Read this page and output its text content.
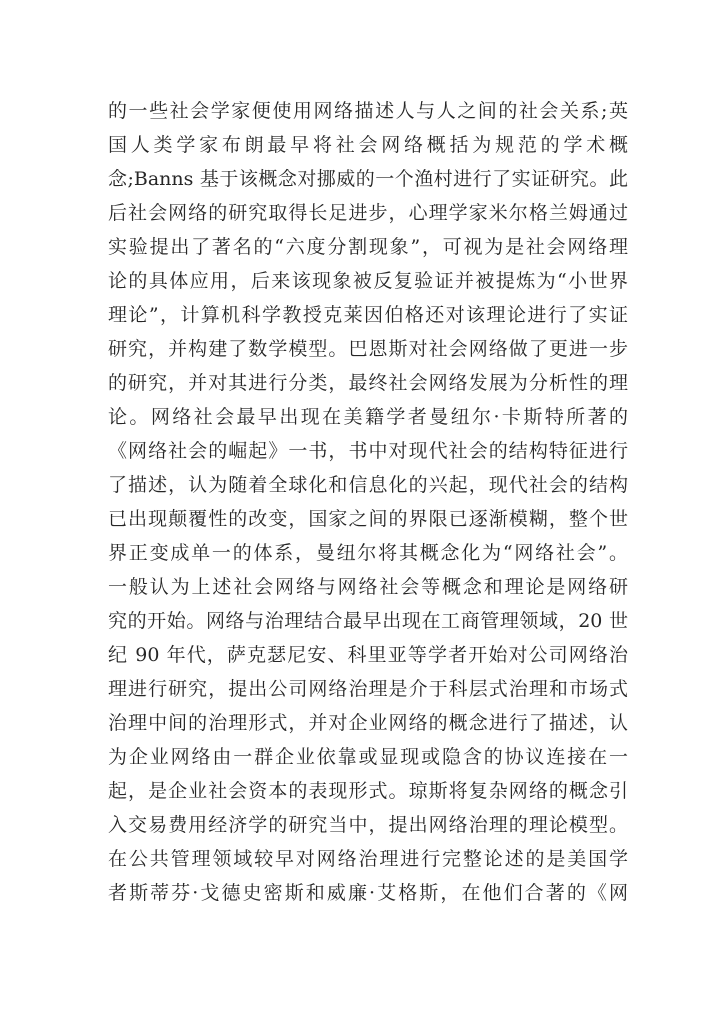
的一些社会学家便使用网络描述人与人之间的社会关系;英
国人类学家布朗最早将社会网络概括为规范的学术概
念;Banns 基于该概念对挪威的一个渔村进行了实证研究。此
后社会网络的研究取得长足进步，心理学家米尔格兰姆通过
实验提出了著名的“六度分割现象”，可视为是社会网络理
论的具体应用，后来该现象被反复验证并被提炼为“小世界
理论”，计算机科学教授克莱因伯格还对该理论进行了实证
研究，并构建了数学模型。巴恩斯对社会网络做了更进一步
的研究，并对其进行分类，最终社会网络发展为分析性的理
论。网络社会最早出现在美籍学者曼纽尔·卡斯特所著的
《网络社会的崛起》一书，书中对现代社会的结构特征进行
了描述，认为随着全球化和信息化的兴起，现代社会的结构
已出现颠覆性的改变，国家之间的界限已逐渐模糊，整个世
界正变成单一的体系，曼纽尔将其概念化为“网络社会”。
一般认为上述社会网络与网络社会等概念和理论是网络研
究的开始。网络与治理结合最早出现在工商管理领域，20 世
纪 90 年代，萨克瑟尼安、科里亚等学者开始对公司网络治
理进行研究，提出公司网络治理是介于科层式治理和市场式
治理中间的治理形式，并对企业网络的概念进行了描述，认
为企业网络由一群企业依靠或显现或隐含的协议连接在一
起，是企业社会资本的表现形式。琼斯将复杂网络的概念引
入交易费用经济学的研究当中，提出网络治理的理论模型。
在公共管理领域较早对网络治理进行完整论述的是美国学
者斯蒂芬·戈德史密斯和威廉·艾格斯，在他们合著的《网
